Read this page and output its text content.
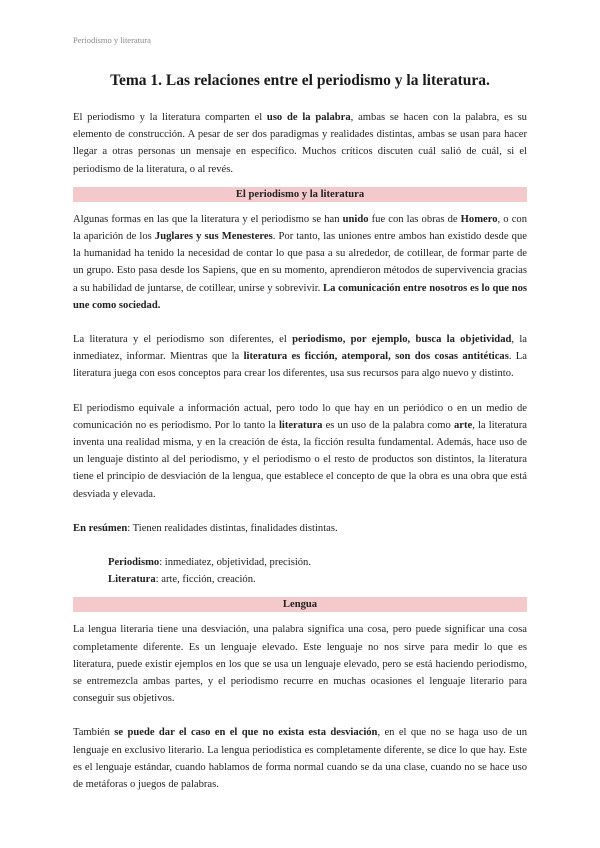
Periodismo y literatura
Tema 1. Las relaciones entre el periodismo y la literatura.

El periodismo y la literatura comparten el uso de la palabra, ambas se hacen con la palabra, es su elemento de construcción. A pesar de ser dos paradigmas y realidades distintas, ambas se usan para hacer llegar a otras personas un mensaje en específico. Muchos críticos discuten cuál salió de cuál, si el periodismo de la literatura, o al revés.

El periodismo y la literatura

Algunas formas en las que la literatura y el periodismo se han unido fue con las obras de Homero, o con la aparición de los Juglares y sus Menesteres. Por tanto, las uniones entre ambos han existido desde que la humanidad ha tenido la necesidad de contar lo que pasa a su alrededor, de cotillear, de formar parte de un grupo. Esto pasa desde los Sapiens, que en su momento, aprendieron métodos de supervivencia gracias a su habilidad de juntarse, de cotillear, unirse y sobrevivir. La comunicación entre nosotros es lo que nos une como sociedad.

La literatura y el periodismo son diferentes, el periodismo, por ejemplo, busca la objetividad, la inmediatez, informar. Mientras que la literatura es ficción, atemporal, son dos cosas antitéticas. La literatura juega con esos conceptos para crear los diferentes, usa sus recursos para algo nuevo y distinto.

El periodismo equivale a información actual, pero todo lo que hay en un periódico o en un medio de comunicación no es periodismo. Por lo tanto la literatura es un uso de la palabra como arte, la literatura inventa una realidad misma, y en la creación de ésta, la ficción resulta fundamental. Además, hace uso de un lenguaje distinto al del periodismo, y el periodismo o el resto de productos son distintos, la literatura tiene el principio de desviación de la lengua, que establece el concepto de que la obra es una obra que está desviada y elevada.

En resúmen: Tienen realidades distintas, finalidades distintas.

Periodismo: inmediatez, objetividad, precisión.

Literatura: arte, ficción, creación.

Lengua

La lengua literaria tiene una desviación, una palabra significa una cosa, pero puede significar una cosa completamente diferente. Es un lenguaje elevado. Este lenguaje no nos sirve para medir lo que es literatura, puede existir ejemplos en los que se usa un lenguaje elevado, pero se está haciendo periodismo, se entremezcla ambas partes, y el periodismo recurre en muchas ocasiones el lenguaje literario para conseguir sus objetivos.

También se puede dar el caso en el que no exista esta desviación, en el que no se haga uso de un lenguaje en exclusivo literario. La lengua periodística es completamente diferente, se dice lo que hay. Este es el lenguaje estándar, cuando hablamos de forma normal cuando se da una clase, cuando no se hace uso de metáforas o juegos de palabras.
